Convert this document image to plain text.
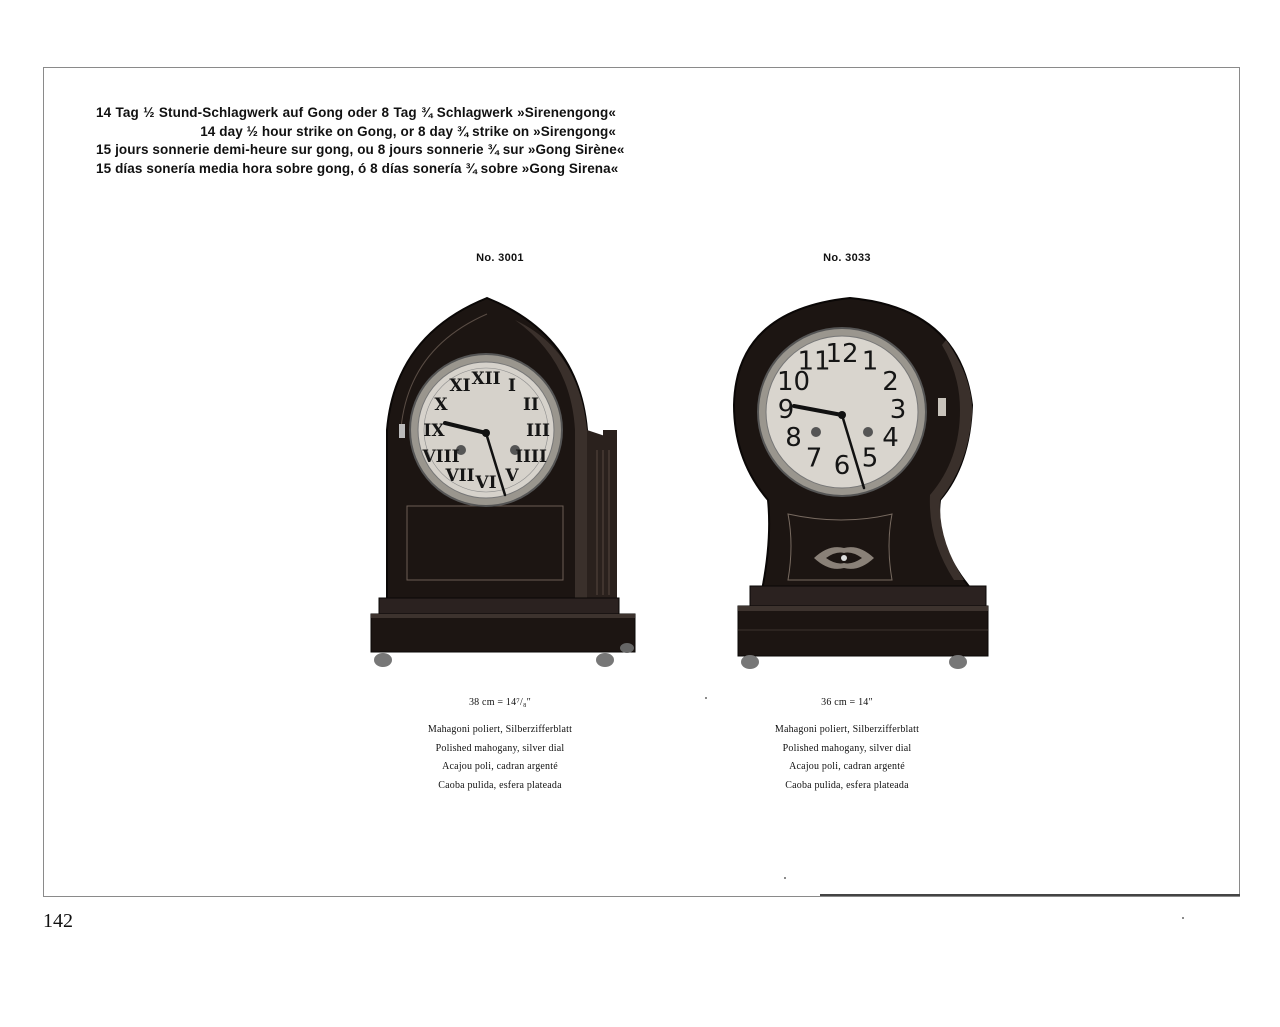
14 Tag ½ Stund-Schlagwerk auf Gong oder 8 Tag ¾ Schlagwerk »Sirenengong«
14 day ½ hour strike on Gong, or 8 day ¾ strike on »Sirengong«
15 jours sonnerie demi-heure sur gong, ou 8 jours sonnerie ¾ sur »Gong Sirène«
15 días sonería media hora sobre gong, ó 8 días sonería ¾ sobre »Gong Sirena«
No. 3001
XII I
II
III
IIII
V
VI
VII
VIII
IX
X
XI
38 cm = 14⁷/₈″
Mahagoni poliert, Silberzifferblatt
Polished mahogany, silver dial
Acajou poli, cadran argenté
Caoba pulida, esfera plateada
No. 3033
12 1
2
3
4
5
6
7
8
9
10
11
36 cm = 14″
Mahagoni poliert, Silberzifferblatt
Polished mahogany, silver dial
Acajou poli, cadran argenté
Caoba pulida, esfera plateada
142
